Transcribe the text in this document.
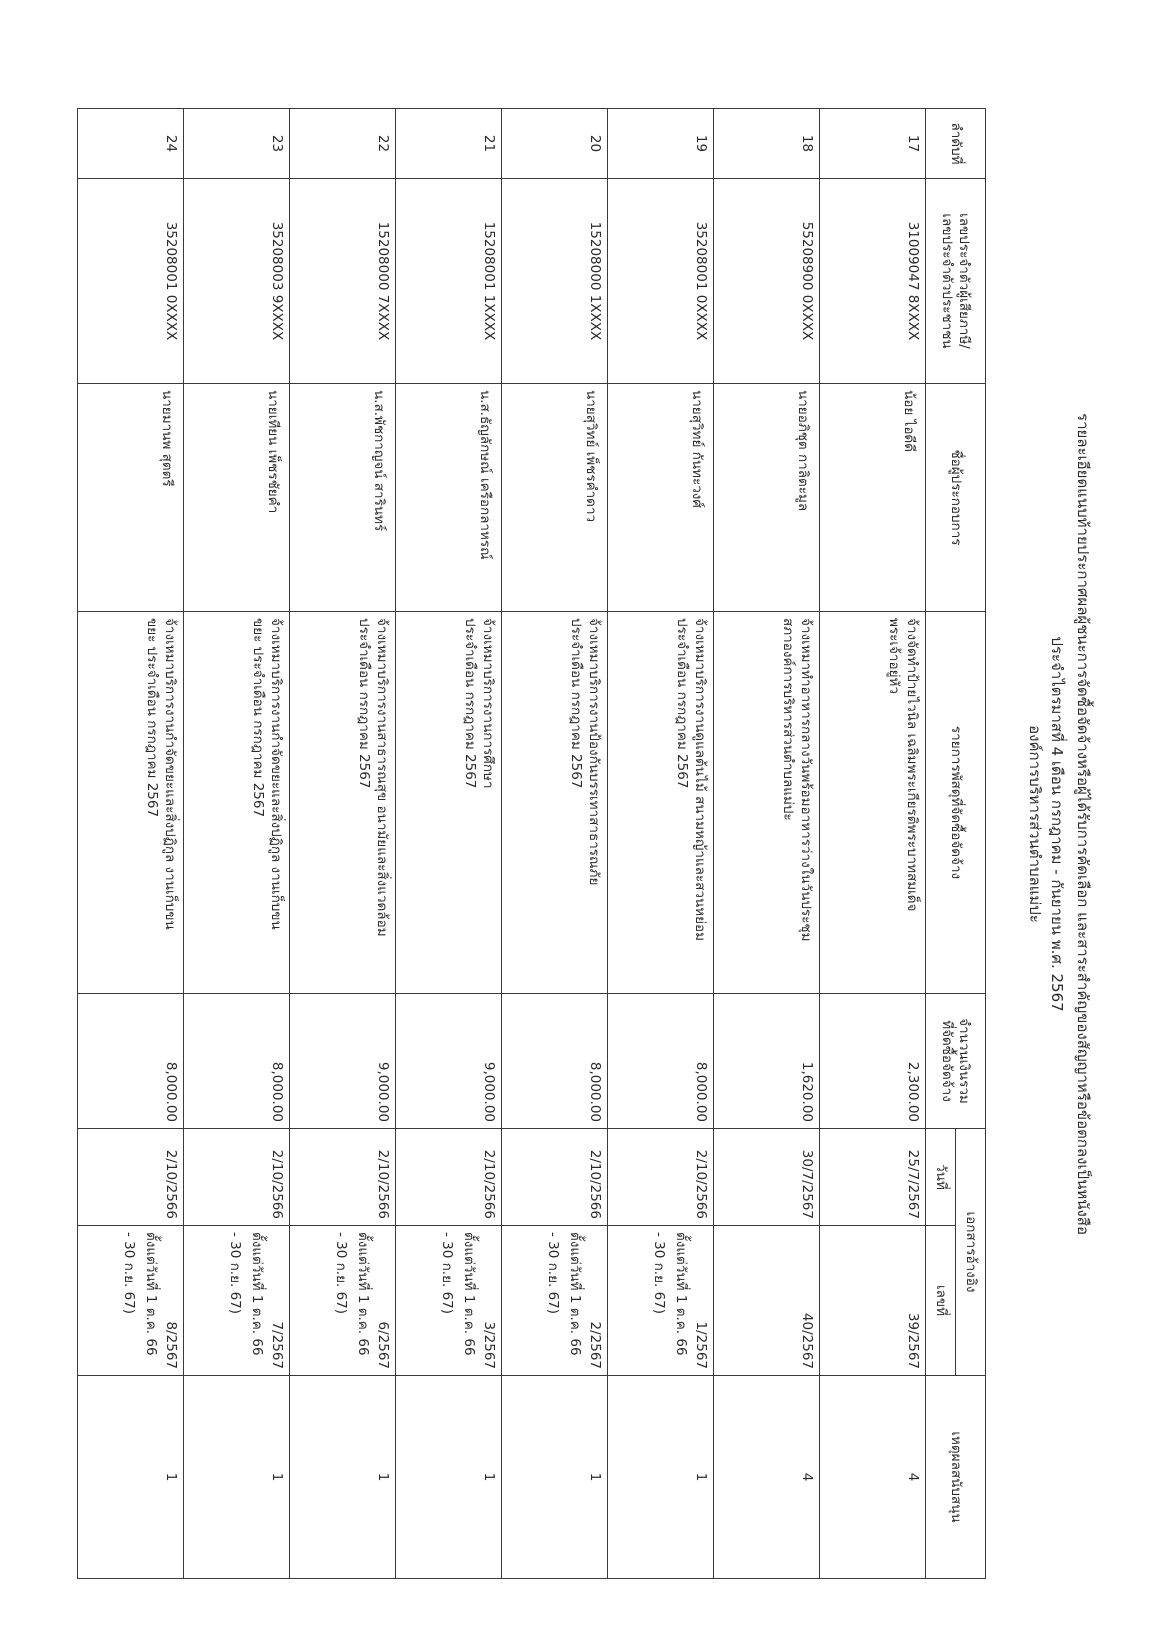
รายละเอียดแนบท้ายประกาศผลผู้ชนะการจัดซื้อจัดจ้างหรือผู้ได้รับการคัดเลือก และสาระสำคัญของสัญญาหรือข้อตกลงเป็นหนังสือ
ประจำไตรมาสที่ 4 เดือน กรกฎาคม - กันยายน พ.ศ. 2567
องค์การบริหารส่วนตำบลแม่ปะ
ลำดับที่	เลขประจำตัวผู้เสียภาษี/
เลขประจำตัวประชาชน	ชื่อผู้ประกอบการ	รายการพัสดุที่จัดซื้อจัดจ้าง	จำนวนเงินรวม
ที่จัดซื้อจัดจ้าง	เอกสารอ้างอิง		เหตุผลสนับสนุน
					วันที่	เลขที่	
17	31009047 8XXXX	น้อย ไอดีดี	จ้างจัดทำป้ายไวนิล เฉลิมพระเกียรติพระบาทสมเด็จ
พระเจ้าอยู่หัว	2,300.00	25/7/2567	39/2567	4
18	55208900 0XXXX	นายอภิชุต กาลิตะมูล	จ้างเหมาทำอาหารกลางวันพร้อมอาหารว่างในวันประชุม
สภาองค์การบริหารส่วนตำบลแม่ปะ	1,620.00	30/7/2567	40/2567	4
19	35208001 0XXXX	นายสุวิทย์ กันทะวงศ์	จ้างเหมาบริการงานดูแลต้นไม้ สนามหญ้าและสวนหย่อม
ประจำเดือน กรกฎาคม 2567	8,000.00	2/10/2566	1/2567
ตั้งแต่วันที่ 1 ต.ค. 66
- 30 ก.ย. 67)	1
20	15208000 1XXXX	นายสุวิทย์ เพ็ชรคำดาว	จ้างเหมาบริการงานป้องกันบรรเทาสาธารณภัย
ประจำเดือน กรกฎาคม 2567	8,000.00	2/10/2566	2/2567
ตั้งแต่วันที่ 1 ต.ค. 66
- 30 ก.ย. 67)	1
21	15208001 1XXXX	น.ส.ธัญลักษณ์ เครือกลาหรณ์	จ้างเหมาบริการงานการศึกษา
ประจำเดือน กรกฎาคม 2567	9,000.00	2/10/2566	3/2567
ตั้งแต่วันที่ 1 ต.ค. 66
- 30 ก.ย. 67)	1
22	15208000 7XXXX	น.ส.พัชกาญจน์ สารินทร์	จ้างเหมาบริการงานสาธารณสุข อนามัยและสิ่งแวดล้อม
ประจำเดือน กรกฎาคม 2567	9,000.00	2/10/2566	6/2567
ตั้งแต่วันที่ 1 ต.ค. 66
- 30 ก.ย. 67)	1
23	35208003 9XXXX	นายเทียน เพ็ชรชัยคำ	จ้างเหมาบริการงานกำจัดขยะและสิ่งปฏิกูล งานเก็บขน
ขยะ ประจำเดือน กรกฎาคม 2567	8,000.00	2/10/2566	7/2567
ตั้งแต่วันที่ 1 ต.ค. 66
- 30 ก.ย. 67)	1
24	35208001 0XXXX	นายมานพ สุตตรี	จ้างเหมาบริการงานกำจัดขยะและสิ่งปฏิกูล งานเก็บขน
ขยะ ประจำเดือน กรกฎาคม 2567	8,000.00	2/10/2566	8/2567
ตั้งแต่วันที่ 1 ต.ค. 66
- 30 ก.ย. 67)	1
